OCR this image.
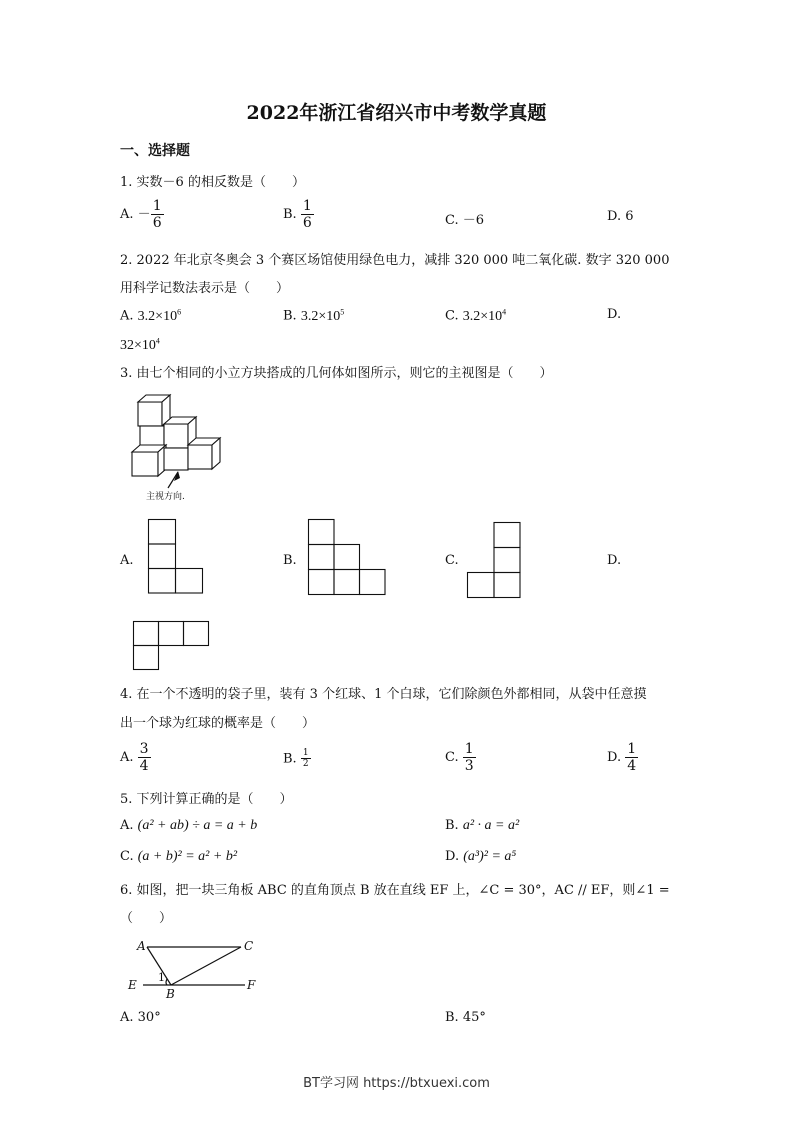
2022年浙江省绍兴市中考数学真题
一、选择题
1. 实数－6 的相反数是（　　）
A. － $\frac{1}{6}$	B. $\frac{1}{6}$	C. －6	D. 6
2. 2022 年北京冬奥会 3 个赛区场馆使用绿色电力，减排 320 000 吨二氧化碳. 数字 320 000
用科学记数法表示是（　　）
A. $3.2\times 10^6$	B. $3.2\times 10^5$	C. $3.2\times 10^4$	D.
$32\times 10^4$
3. 由七个相同的小立方块搭成的几何体如图所示，则它的主视图是（　　）
主视方向.
A.	B.	C.	D.
4. 在一个不透明的袋子里，装有 3 个红球、1 个白球，它们除颜色外都相同，从袋中任意摸
出一个球为红球的概率是（　　）
A. $\frac{3}{4}$	B. $\frac{1}{2}$	C. $\frac{1}{3}$	D. $\frac{1}{4}$
5. 下列计算正确的是（　　）
A. (a² + ab) ÷ a = a + b	B. a² · a = a²
C. (a + b)² = a² + b²	D. (a³)² = a⁵
6. 如图，把一块三角板 ABC 的直角顶点 B 放在直线 EF 上，∠C = 30°，AC // EF，则∠1 =
（　　）
A	C
E	F
B
1
A. 30°	B. 45°
BT学习网 https://btxuexi.com
